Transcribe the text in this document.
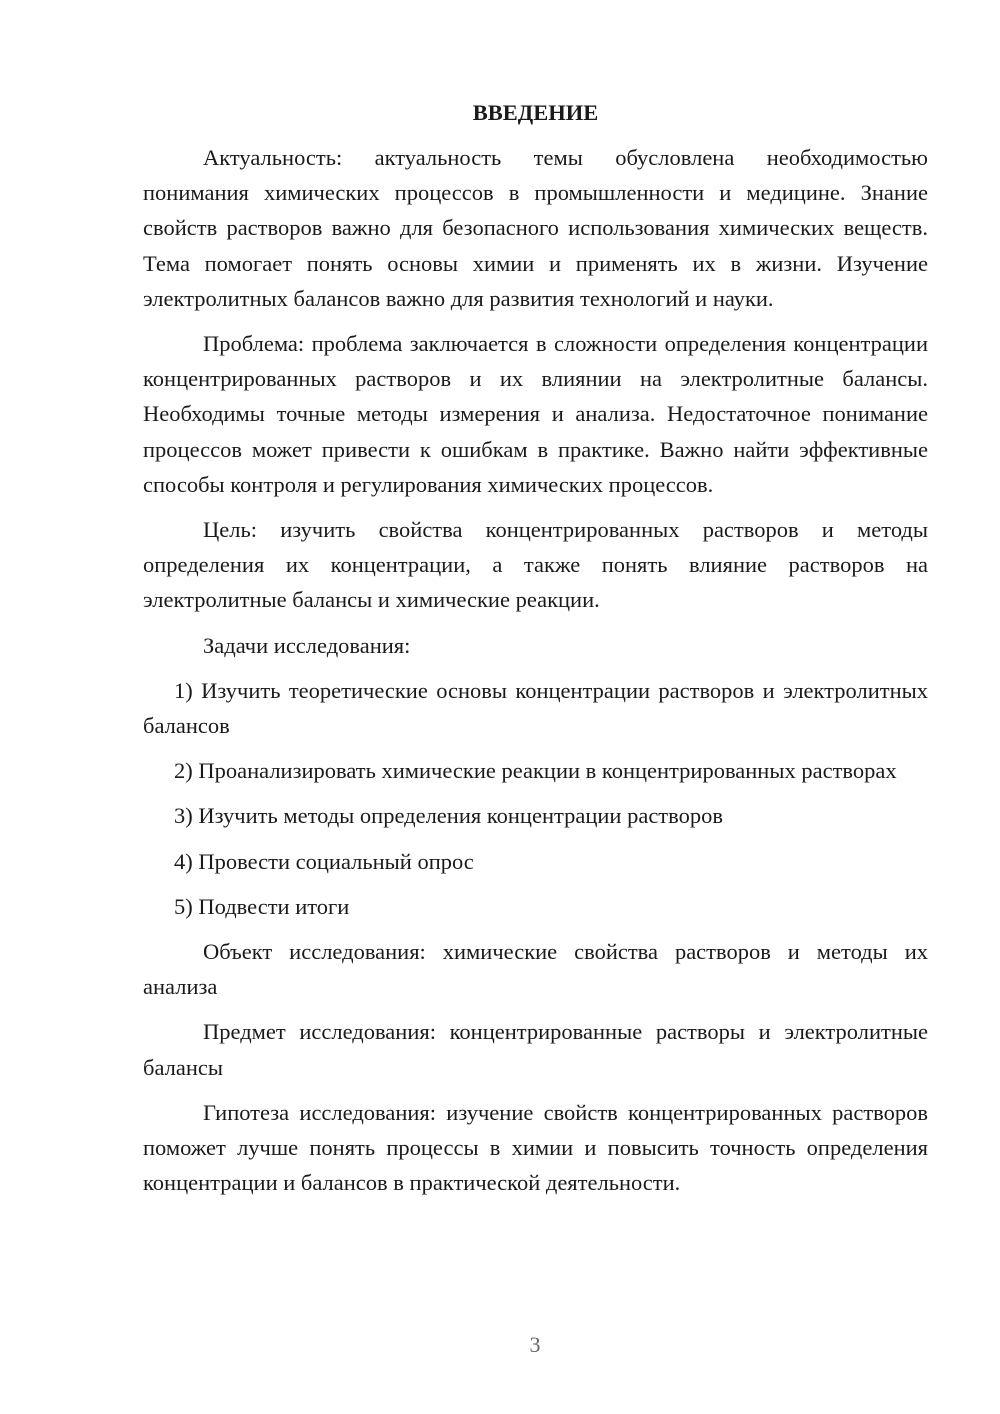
ВВЕДЕНИЕ

Актуальность: актуальность темы обусловлена необходимостью понимания химических процессов в промышленности и медицине. Знание свойств растворов важно для безопасного использования химических веществ. Тема помогает понять основы химии и применять их в жизни. Изучение электролитных балансов важно для развития технологий и науки.

Проблема: проблема заключается в сложности определения концентрации концентрированных растворов и их влиянии на электролитные балансы. Необходимы точные методы измерения и анализа. Недостаточное понимание процессов может привести к ошибкам в практике. Важно найти эффективные способы контроля и регулирования химических процессов.

Цель: изучить свойства концентрированных растворов и методы определения их концентрации, а также понять влияние растворов на электролитные балансы и химические реакции.

Задачи исследования:

1) Изучить теоретические основы концентрации растворов и электролитных балансов

2) Проанализировать химические реакции в концентрированных растворах

3) Изучить методы определения концентрации растворов

4) Провести социальный опрос

5) Подвести итоги

Объект исследования: химические свойства растворов и методы их анализа

Предмет исследования: концентрированные растворы и электролитные балансы

Гипотеза исследования: изучение свойств концентрированных растворов поможет лучше понять процессы в химии и повысить точность определения концентрации и балансов в практической деятельности.

3
